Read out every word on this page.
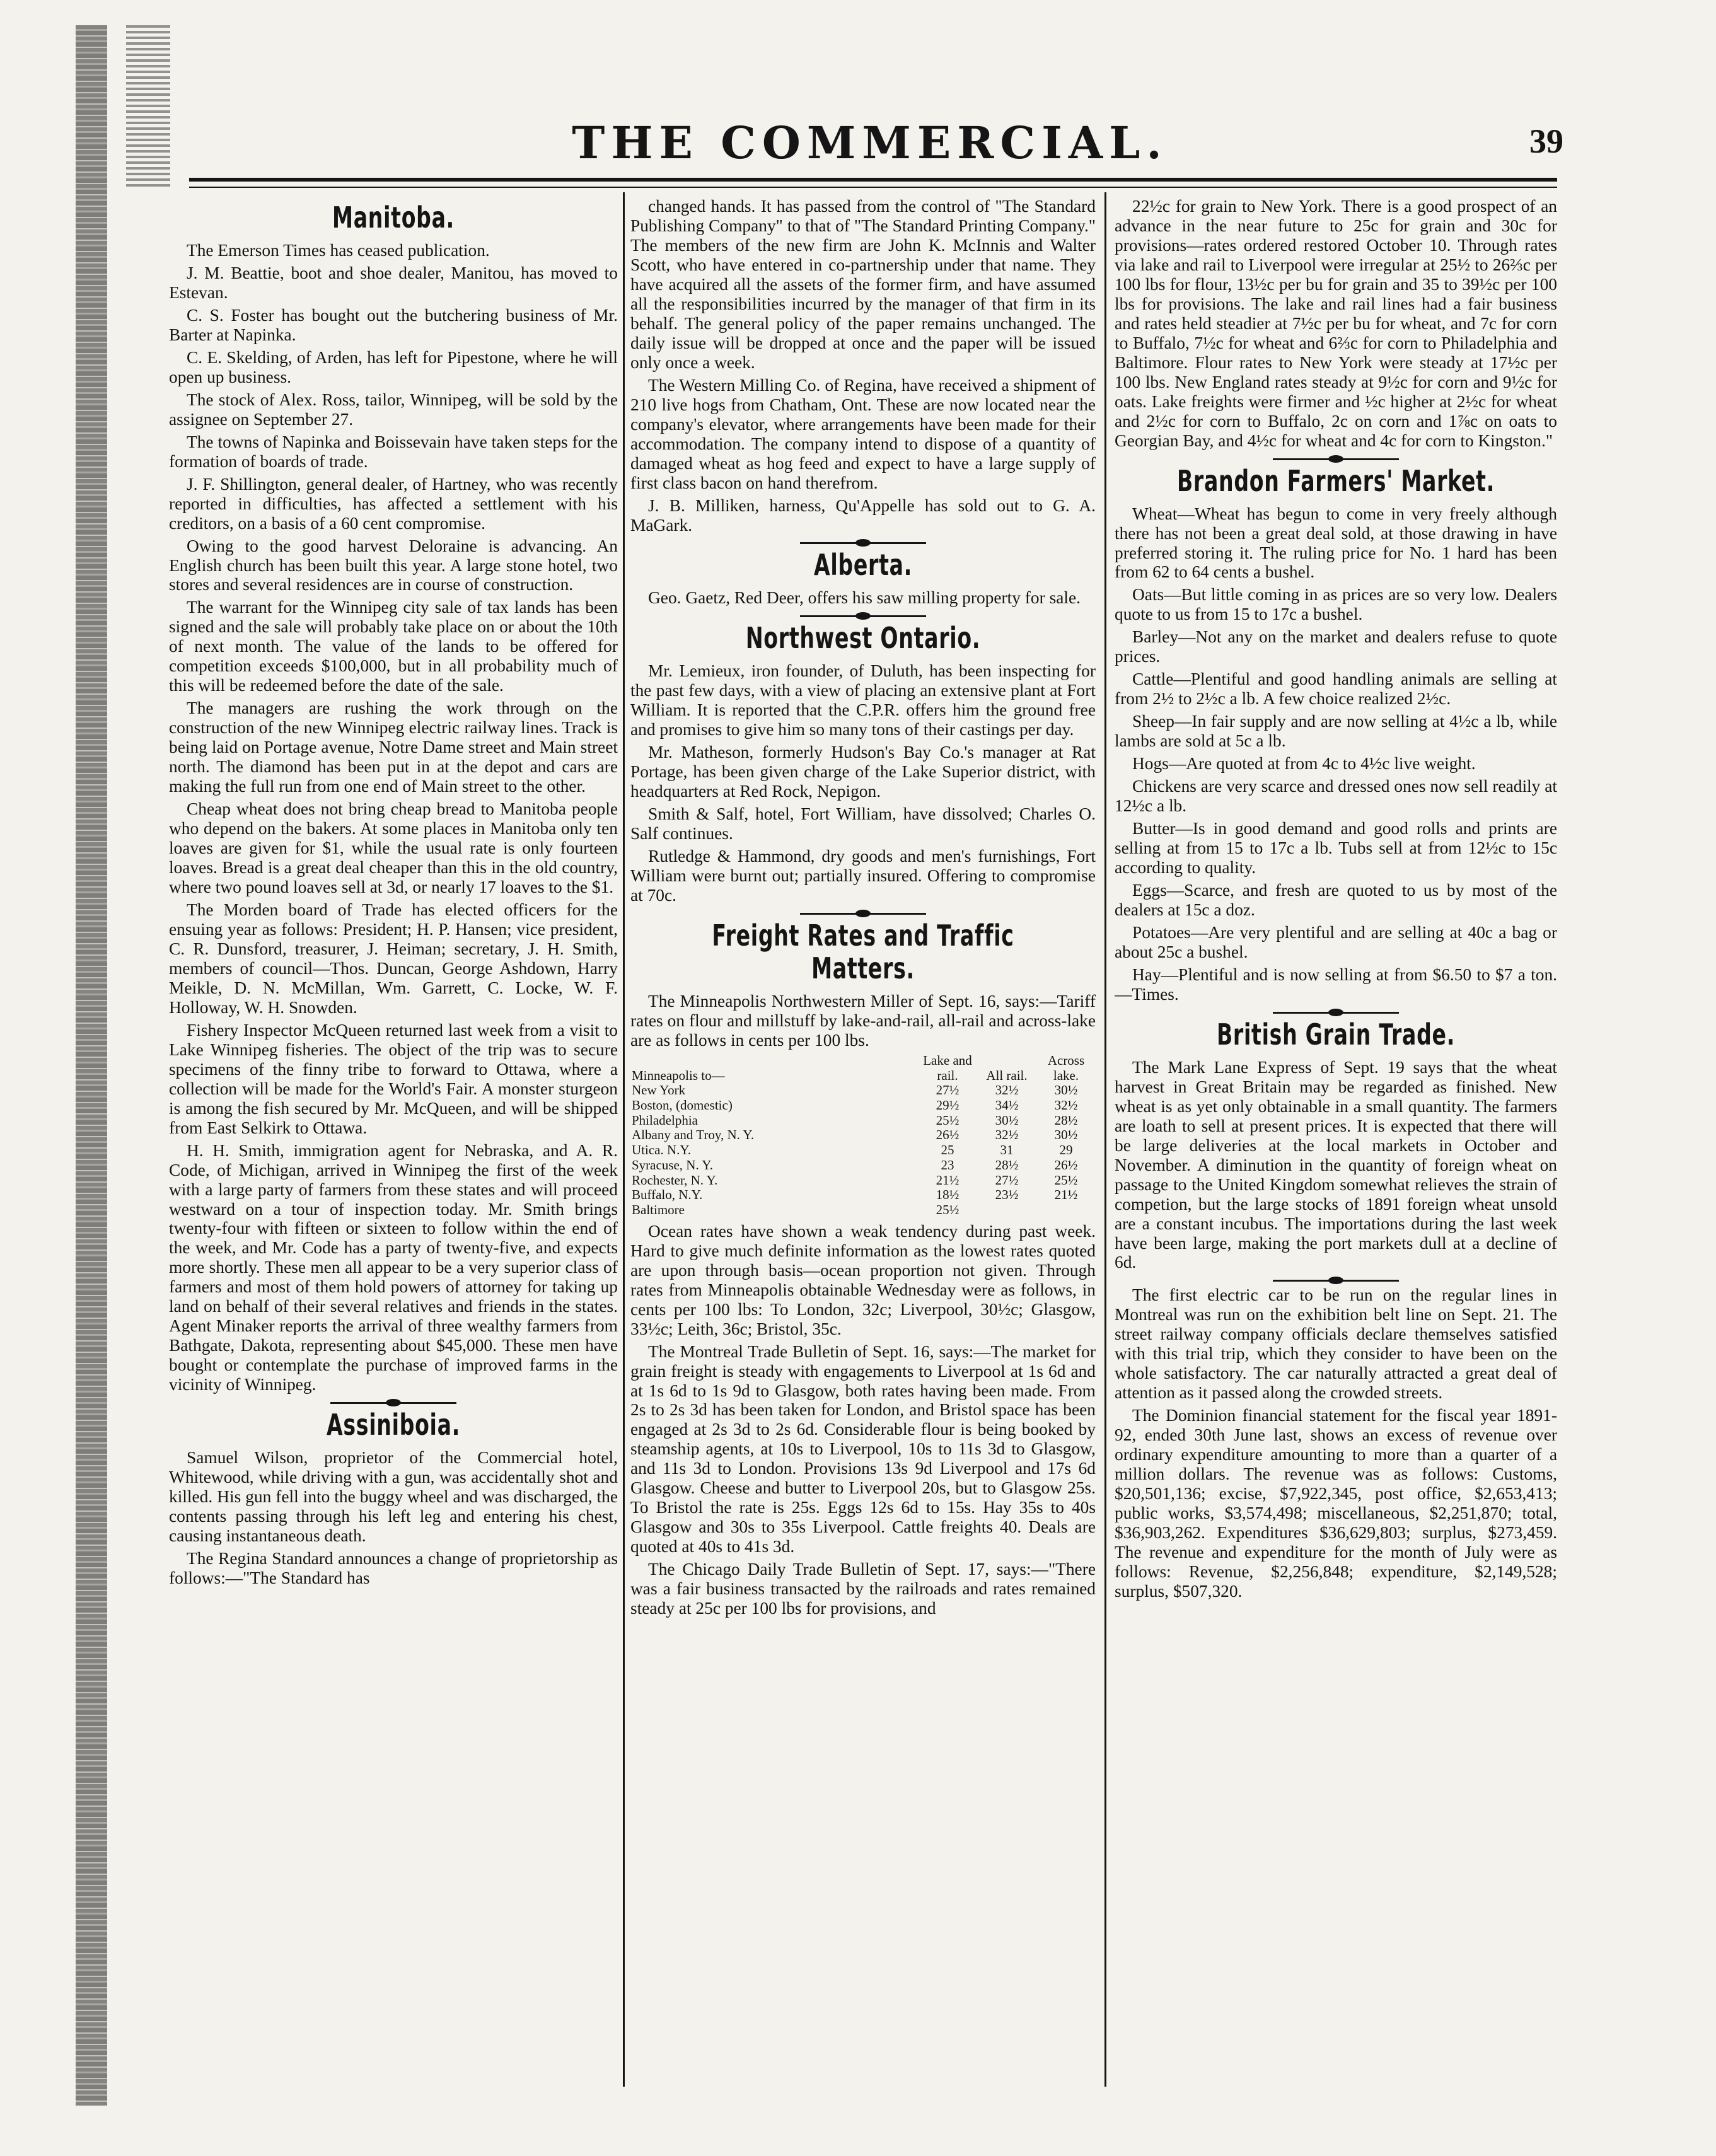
THE COMMERCIAL.	39
Manitoba.

The Emerson Times has ceased publication.

J. M. Beattie, boot and shoe dealer, Manitou, has moved to Estevan.

C. S. Foster has bought out the butchering business of Mr. Barter at Napinka.

C. E. Skelding, of Arden, has left for Pipestone, where he will open up business.

The stock of Alex. Ross, tailor, Winnipeg, will be sold by the assignee on September 27.

The towns of Napinka and Boissevain have taken steps for the formation of boards of trade.

J. F. Shillington, general dealer, of Hartney, who was recently reported in difficulties, has affected a settlement with his creditors, on a basis of a 60 cent compromise.

Owing to the good harvest Deloraine is advancing. An English church has been built this year. A large stone hotel, two stores and several residences are in course of construction.

The warrant for the Winnipeg city sale of tax lands has been signed and the sale will probably take place on or about the 10th of next month. The value of the lands to be offered for competition exceeds $100,000, but in all probability much of this will be redeemed before the date of the sale.

The managers are rushing the work through on the construction of the new Winnipeg electric railway lines. Track is being laid on Portage avenue, Notre Dame street and Main street north. The diamond has been put in at the depot and cars are making the full run from one end of Main street to the other.

Cheap wheat does not bring cheap bread to Manitoba people who depend on the bakers. At some places in Manitoba only ten loaves are given for $1, while the usual rate is only fourteen loaves. Bread is a great deal cheaper than this in the old country, where two pound loaves sell at 3d, or nearly 17 loaves to the $1.

The Morden board of Trade has elected officers for the ensuing year as follows: President; H. P. Hansen; vice president, C. R. Dunsford, treasurer, J. Heiman; secretary, J. H. Smith, members of council—Thos. Duncan, George Ashdown, Harry Meikle, D. N. McMillan, Wm. Garrett, C. Locke, W. F. Holloway, W. H. Snowden.

Fishery Inspector McQueen returned last week from a visit to Lake Winnipeg fisheries. The object of the trip was to secure specimens of the finny tribe to forward to Ottawa, where a collection will be made for the World's Fair. A monster sturgeon is among the fish secured by Mr. McQueen, and will be shipped from East Selkirk to Ottawa.

H. H. Smith, immigration agent for Nebraska, and A. R. Code, of Michigan, arrived in Winnipeg the first of the week with a large party of farmers from these states and will proceed westward on a tour of inspection today. Mr. Smith brings twenty-four with fifteen or sixteen to follow within the end of the week, and Mr. Code has a party of twenty-five, and expects more shortly. These men all appear to be a very superior class of farmers and most of them hold powers of attorney for taking up land on behalf of their several relatives and friends in the states. Agent Minaker reports the arrival of three wealthy farmers from Bathgate, Dakota, representing about $45,000. These men have bought or contemplate the purchase of improved farms in the vicinity of Winnipeg.

Assiniboia.

Samuel Wilson, proprietor of the Commercial hotel, Whitewood, while driving with a gun, was accidentally shot and killed. His gun fell into the buggy wheel and was discharged, the contents passing through his left leg and entering his chest, causing instantaneous death.

The Regina Standard announces a change of proprietorship as follows:—"The Standard has

changed hands. It has passed from the control of "The Standard Publishing Company" to that of "The Standard Printing Company." The members of the new firm are John K. McInnis and Walter Scott, who have entered in co-partnership under that name. They have acquired all the assets of the former firm, and have assumed all the responsibilities incurred by the manager of that firm in its behalf. The general policy of the paper remains unchanged. The daily issue will be dropped at once and the paper will be issued only once a week.

The Western Milling Co. of Regina, have received a shipment of 210 live hogs from Chatham, Ont. These are now located near the company's elevator, where arrangements have been made for their accommodation. The company intend to dispose of a quantity of damaged wheat as hog feed and expect to have a large supply of first class bacon on hand therefrom.

J. B. Milliken, harness, Qu'Appelle has sold out to G. A. MaGark.

Alberta.

Geo. Gaetz, Red Deer, offers his saw milling property for sale.

Northwest Ontario.

Mr. Lemieux, iron founder, of Duluth, has been inspecting for the past few days, with a view of placing an extensive plant at Fort William. It is reported that the C.P.R. offers him the ground free and promises to give him so many tons of their castings per day.

Mr. Matheson, formerly Hudson's Bay Co.'s manager at Rat Portage, has been given charge of the Lake Superior district, with headquarters at Red Rock, Nepigon.

Smith & Salf, hotel, Fort William, have dissolved; Charles O. Salf continues.

Rutledge & Hammond, dry goods and men's furnishings, Fort William were burnt out; partially insured. Offering to compromise at 70c.

Freight Rates and Traffic Matters.

The Minneapolis Northwestern Miller of Sept. 16, says:—Tariff rates on flour and millstuff by lake-and-rail, all-rail and across-lake are as follows in cents per 100 lbs.

Minneapolis to—	Lake and rail.	All rail.	Across lake.
New York	27½	32½	30½
Boston, (domestic)	29½	34½	32½
Philadelphia	25½	30½	28½
Albany and Troy, N. Y.	26½	32½	30½
Utica. N.Y.	25	31	29
Syracuse, N. Y.	23	28½	26½
Rochester, N. Y.	21½	27½	25½
Buffalo, N.Y.	18½	23½	21½
Baltimore	25½		

Ocean rates have shown a weak tendency during past week. Hard to give much definite information as the lowest rates quoted are upon through basis—ocean proportion not given. Through rates from Minneapolis obtainable Wednesday were as follows, in cents per 100 lbs: To London, 32c; Liverpool, 30½c; Glasgow, 33½c; Leith, 36c; Bristol, 35c.

The Montreal Trade Bulletin of Sept. 16, says:—The market for grain freight is steady with engagements to Liverpool at 1s 6d and at 1s 6d to 1s 9d to Glasgow, both rates having been made. From 2s to 2s 3d has been taken for London, and Bristol space has been engaged at 2s 3d to 2s 6d. Considerable flour is being booked by steamship agents, at 10s to Liverpool, 10s to 11s 3d to Glasgow, and 11s 3d to London. Provisions 13s 9d Liverpool and 17s 6d Glasgow. Cheese and butter to Liverpool 20s, but to Glasgow 25s. To Bristol the rate is 25s. Eggs 12s 6d to 15s. Hay 35s to 40s Glasgow and 30s to 35s Liverpool. Cattle freights 40. Deals are quoted at 40s to 41s 3d.

The Chicago Daily Trade Bulletin of Sept. 17, says:—"There was a fair business transacted by the railroads and rates remained steady at 25c per 100 lbs for provisions, and

22½c for grain to New York. There is a good prospect of an advance in the near future to 25c for grain and 30c for provisions—rates ordered restored October 10. Through rates via lake and rail to Liverpool were irregular at 25½ to 26⅔c per 100 lbs for flour, 13½c per bu for grain and 35 to 39½c per 100 lbs for provisions. The lake and rail lines had a fair business and rates held steadier at 7½c per bu for wheat, and 7c for corn to Buffalo, 7½c for wheat and 6⅔c for corn to Philadelphia and Baltimore. Flour rates to New York were steady at 17½c per 100 lbs. New England rates steady at 9½c for corn and 9½c for oats. Lake freights were firmer and ½c higher at 2½c for wheat and 2½c for corn to Buffalo, 2c on corn and 1⅞c on oats to Georgian Bay, and 4½c for wheat and 4c for corn to Kingston."

Brandon Farmers' Market.

Wheat—Wheat has begun to come in very freely although there has not been a great deal sold, at those drawing in have preferred storing it. The ruling price for No. 1 hard has been from 62 to 64 cents a bushel.

Oats—But little coming in as prices are so very low. Dealers quote to us from 15 to 17c a bushel.

Barley—Not any on the market and dealers refuse to quote prices.

Cattle—Plentiful and good handling animals are selling at from 2½ to 2½c a lb. A few choice realized 2½c.

Sheep—In fair supply and are now selling at 4½c a lb, while lambs are sold at 5c a lb.

Hogs—Are quoted at from 4c to 4½c live weight.

Chickens are very scarce and dressed ones now sell readily at 12½c a lb.

Butter—Is in good demand and good rolls and prints are selling at from 15 to 17c a lb. Tubs sell at from 12½c to 15c according to quality.

Eggs—Scarce, and fresh are quoted to us by most of the dealers at 15c a doz.

Potatoes—Are very plentiful and are selling at 40c a bag or about 25c a bushel.

Hay—Plentiful and is now selling at from $6.50 to $7 a ton.—Times.

British Grain Trade.

The Mark Lane Express of Sept. 19 says that the wheat harvest in Great Britain may be regarded as finished. New wheat is as yet only obtainable in a small quantity. The farmers are loath to sell at present prices. It is expected that there will be large deliveries at the local markets in October and November. A diminution in the quantity of foreign wheat on passage to the United Kingdom somewhat relieves the strain of competion, but the large stocks of 1891 foreign wheat unsold are a constant incubus. The importations during the last week have been large, making the port markets dull at a decline of 6d.

The first electric car to be run on the regular lines in Montreal was run on the exhibition belt line on Sept. 21. The street railway company officials declare themselves satisfied with this trial trip, which they consider to have been on the whole satisfactory. The car naturally attracted a great deal of attention as it passed along the crowded streets.

The Dominion financial statement for the fiscal year 1891-92, ended 30th June last, shows an excess of revenue over ordinary expenditure amounting to more than a quarter of a million dollars. The revenue was as follows: Customs, $20,501,136; excise, $7,922,345, post office, $2,653,413; public works, $3,574,498; miscellaneous, $2,251,870; total, $36,903,262. Expenditures $36,629,803; surplus, $273,459. The revenue and expenditure for the month of July were as follows: Revenue, $2,256,848; expenditure, $2,149,528; surplus, $507,320.
